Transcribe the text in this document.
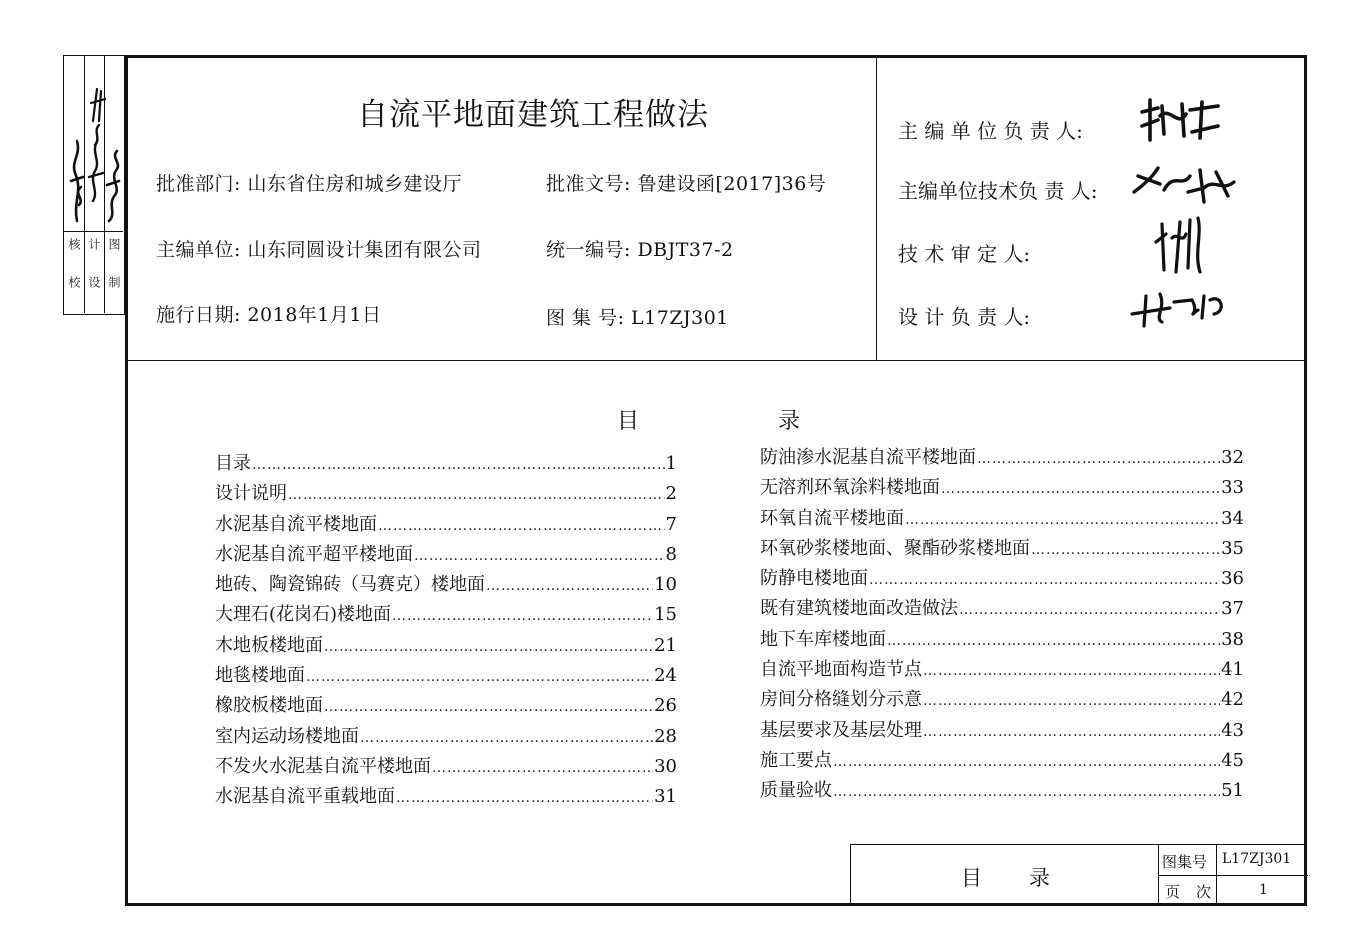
核
校
计
设
图
制
自流平地面建筑工程做法
批准部门: 山东省住房和城乡建设厅	批准文号: 鲁建设函[2017]36号
主编单位: 山东同圆设计集团有限公司	统一编号: DBJT37-2
施行日期: 2018年1月1日	图 集 号: L17ZJ301
主 编 单 位 负 责 人:
主编单位技术负 责 人:
技 术 审 定 人:
设 计 负 责 人:
目	录
目录 …………………………………………………………………………………………………………………………………………	1
设计说明 …………………………………………………………………………………………………………………………………………	2
水泥基自流平楼地面 …………………………………………………………………………………………………………………………………………	7
水泥基自流平超平楼地面 …………………………………………………………………………………………………………………………………………	8
地砖、陶瓷锦砖（马赛克）楼地面 …………………………………………………………………………………………………………………………………………	10
大理石(花岗石)楼地面 …………………………………………………………………………………………………………………………………………	15
木地板楼地面 …………………………………………………………………………………………………………………………………………	21
地毯楼地面 …………………………………………………………………………………………………………………………………………	24
橡胶板楼地面 …………………………………………………………………………………………………………………………………………	26
室内运动场楼地面 …………………………………………………………………………………………………………………………………………	28
不发火水泥基自流平楼地面 …………………………………………………………………………………………………………………………………………	30
水泥基自流平重载地面 …………………………………………………………………………………………………………………………………………	31
防油渗水泥基自流平楼地面 …………………………………………………………………………………………………………………………………………	32
无溶剂环氧涂料楼地面 …………………………………………………………………………………………………………………………………………	33
环氧自流平楼地面 …………………………………………………………………………………………………………………………………………	34
环氧砂浆楼地面、聚酯砂浆楼地面 …………………………………………………………………………………………………………………………………………	35
防静电楼地面 …………………………………………………………………………………………………………………………………………	36
既有建筑楼地面改造做法 …………………………………………………………………………………………………………………………………………	37
地下车库楼地面 …………………………………………………………………………………………………………………………………………	38
自流平地面构造节点 …………………………………………………………………………………………………………………………………………	41
房间分格缝划分示意 …………………………………………………………………………………………………………………………………………	42
基层要求及基层处理 …………………………………………………………………………………………………………………………………………	43
施工要点 …………………………………………………………………………………………………………………………………………	45
质量验收 …………………………………………………………………………………………………………………………………………	51
目 录
图集号 L17ZJ301
页 次	1
